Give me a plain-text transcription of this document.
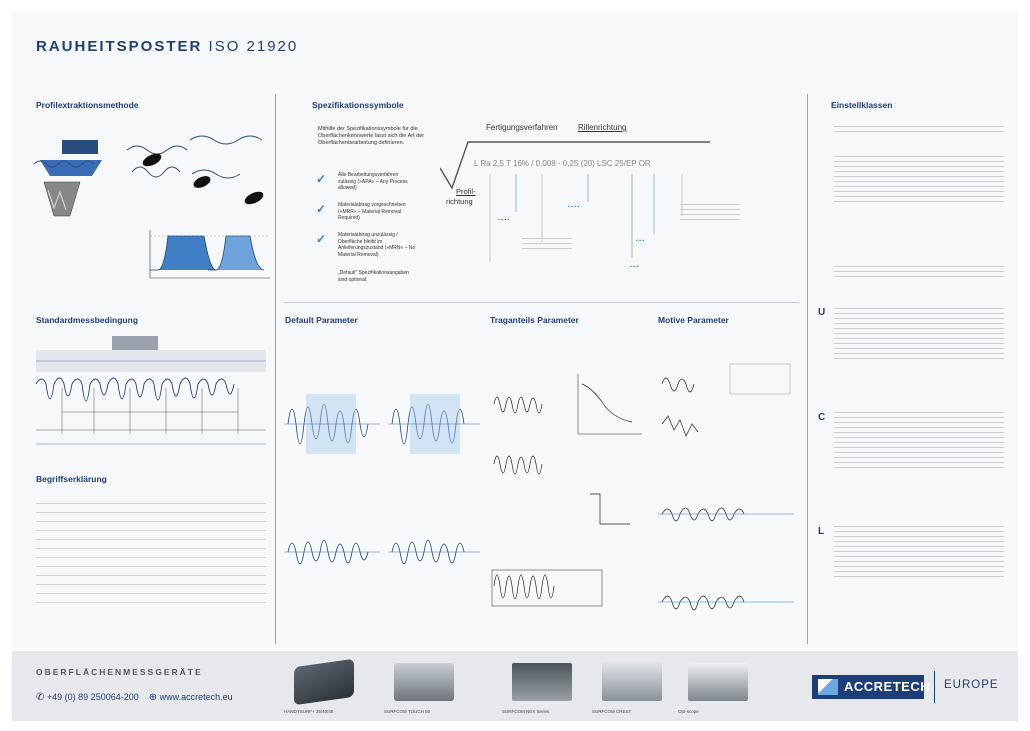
RAUHEITSPOSTER ISO 21920
Profilextraktionsmethode	Spezifikationssymbole	Einstellklassen
Standardmessbedingung	Default Parameter	Traganteils Parameter	Motive Parameter
Begriffserklärung
Mithilfe der Spezifikationssymbole für die Oberflächenkennwerte lässt sich die Art der Oberflächenbearbeitung definieren.
✓ Alle Bearbeitungsverfahren zulässig (»APA« – Any Process allowed)
✓ Materialabtrag vorgeschrieben (»MRR« – Material Removal Required)
✓ Materialabtrag unzulässig / Oberfläche bleibt im Anlieferungszustand (»MRN« – No Material Removal)
„Default“ Spezifikationsangaben sind optional.
Fertigungsverfahren	Rillenrichtung
L Ra 2,5 T 16% / 0,008 - 0,25 (20) LSC 25/EP OR
Profil-
richtung
▪ ▪ ▪ ▪
▪ ▪ ▪ ▪
▪ ▪ ▪
▪ ▪ ▪
U
C
L

OBERFLÄCHENMESSGERÄTE
✆ +49 (0) 89 250064-200 ⊕ www.accretech.eu
HANDYSURF+ 35/40/45	SURFCOM TOUCH 50	SURFCOM NEX Series	SURFCOM CREST	Opt-scope
ACCRETECH EUROPE
